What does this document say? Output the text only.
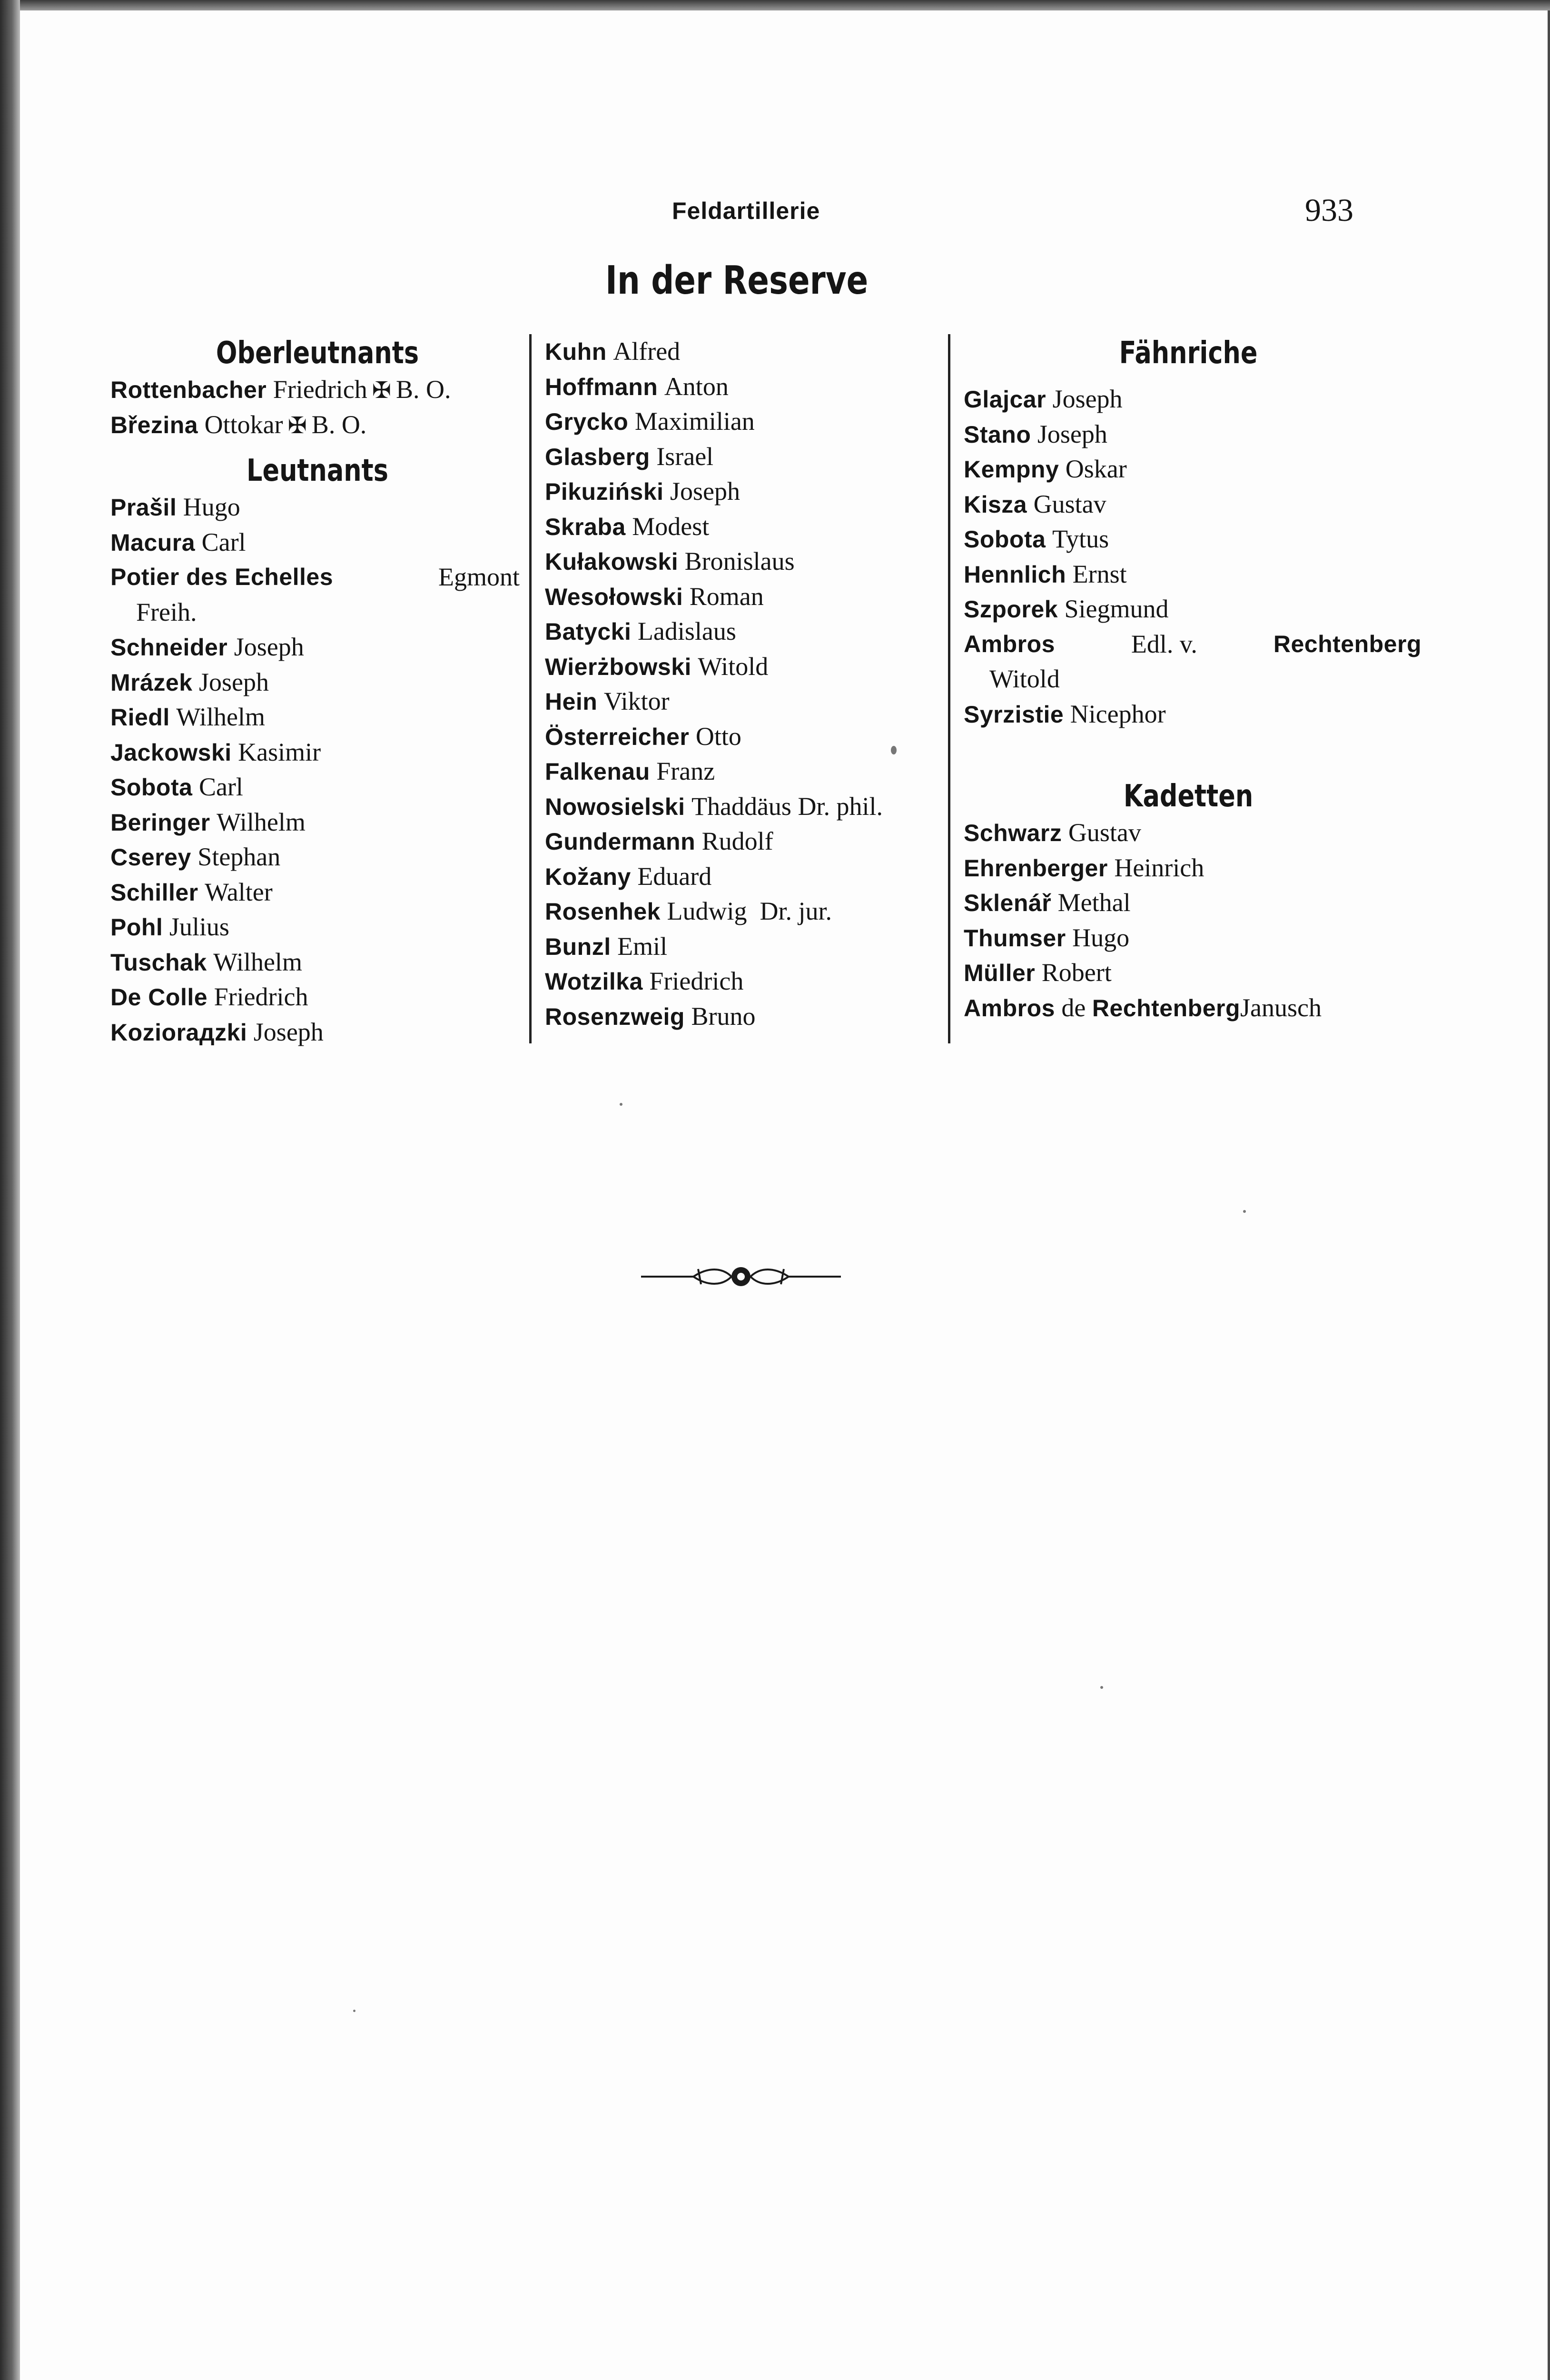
Feldartillerie	933
In der Reserve
Oberleutnants
Rottenbacher Friedrich ✠ B. O.
Březina Ottokar ✠ B. O.
Leutnants
Prašil Hugo
Macura Carl
Potier des Echelles	Egmont
Freih.
Schneider Joseph
Mrázek Joseph
Riedl Wilhelm
Jackowski Kasimir
Sobota Carl
Beringer Wilhelm
Cserey Stephan
Schiller Walter
Pohl Julius
Tuschak Wilhelm
De Colle Friedrich
Koziorадzki Joseph
Kuhn Alfred
Hoffmann Anton
Grycko Maximilian
Glasberg Israel
Pikuziński Joseph
Skraba Modest
Kułakowski Bronislaus
Wesołowski Roman
Batycki Ladislaus
Wierżbowski Witold
Hein Viktor
Österreicher Otto
Falkenau Franz
Nowosielski Thaddäus Dr. phil.
Gundermann Rudolf
Kožany Eduard
Rosenhek Ludwig Dr. jur.
Bunzl Emil
Wotzilka Friedrich
Rosenzweig Bruno
Fähnriche
Glajcar Joseph
Stano Joseph
Kempny Oskar
Kisza Gustav
Sobota Tytus
Hennlich Ernst
Szporek Siegmund
Ambros	Edl. v.	Rechtenberg
Witold
Syrzistie Nicephor
Kadetten
Schwarz Gustav
Ehrenberger Heinrich
Sklenář Methal
Thumser Hugo
Müller Robert
Ambros de RechtenbergJanusch
